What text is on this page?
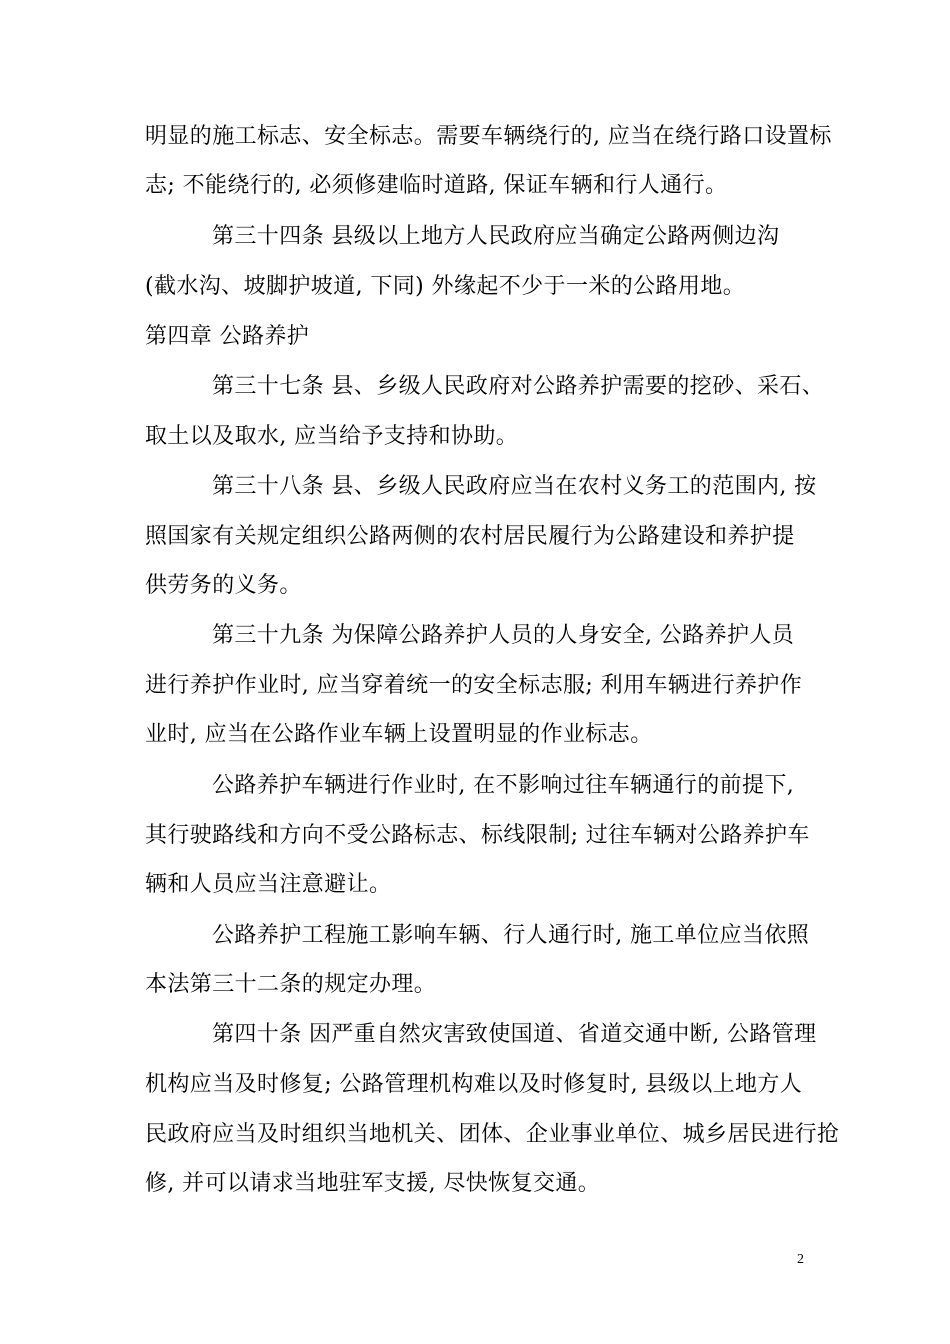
明显的施工标志、安全标志。需要车辆绕行的, 应当在绕行路口设置标
志; 不能绕行的, 必须修建临时道路, 保证车辆和行人通行。
第三十四条 县级以上地方人民政府应当确定公路两侧边沟
(截水沟、坡脚护坡道, 下同) 外缘起不少于一米的公路用地。
第四章 公路养护
第三十七条 县、乡级人民政府对公路养护需要的挖砂、采石、
取土以及取水, 应当给予支持和协助。
第三十八条 县、乡级人民政府应当在农村义务工的范围内, 按
照国家有关规定组织公路两侧的农村居民履行为公路建设和养护提
供劳务的义务。
第三十九条 为保障公路养护人员的人身安全, 公路养护人员
进行养护作业时, 应当穿着统一的安全标志服; 利用车辆进行养护作
业时, 应当在公路作业车辆上设置明显的作业标志。
公路养护车辆进行作业时, 在不影响过往车辆通行的前提下,
其行驶路线和方向不受公路标志、标线限制; 过往车辆对公路养护车
辆和人员应当注意避让。
公路养护工程施工影响车辆、行人通行时, 施工单位应当依照
本法第三十二条的规定办理。
第四十条 因严重自然灾害致使国道、省道交通中断, 公路管理
机构应当及时修复; 公路管理机构难以及时修复时, 县级以上地方人
民政府应当及时组织当地机关、团体、企业事业单位、城乡居民进行抢
修, 并可以请求当地驻军支援, 尽快恢复交通。
2
